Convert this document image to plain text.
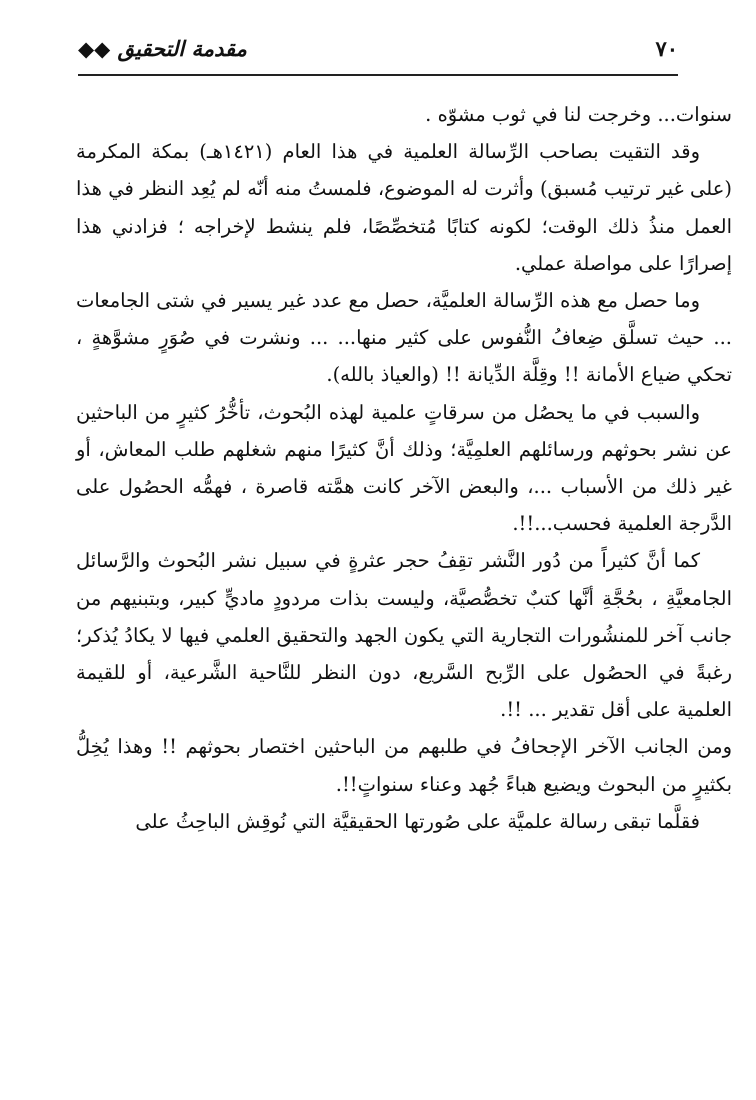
٧٠
مقدمة التحقيق ◆◆

سنوات... وخرجت لنا في ثوب مشوّه .

وقد التقيت بصاحب الرِّسالة العلمية في هذا العام (١٤٢١هـ) بمكة المكرمة (على غير ترتيب مُسبق) وأثرت له الموضوع، فلمستُ منه أنّه لم يُعِد النظر في هذا العمل منذُ ذلك الوقت؛ لكونه كتابًا مُتخصِّصًا، فلم ينشط لإخراجه ؛ فزادني هذا إصرارًا على مواصلة عملي.

وما حصل مع هذه الرِّسالة العلميَّة، حصل مع عدد غير يسير في شتى الجامعات ... حيث تسلَّق ضِعافُ النُّفوس على كثير منها... ... ونشرت في صُوَرٍ مشوَّهةٍ ، تحكي ضياع الأمانة !! وقِلَّة الدِّيانة !! (والعياذ بالله).

والسبب في ما يحصُل من سرقاتٍ علمية لهذه البُحوث، تأخُّرُ كثيرٍ من الباحثين عن نشر بحوثهم ورسائلهم العلمِيَّة؛ وذلك أنَّ كثيرًا منهم شغلهم طلب المعاش، أو غير ذلك من الأسباب ...، والبعض الآخر كانت همَّته قاصرة ، فهمُّه الحصُول على الدَّرجة العلمية فحسب...!!.

كما أنَّ كثيراً من دُور النَّشر تقِفُ حجر عثرةٍ في سبيل نشر البُحوث والرَّسائل الجامعيَّةِ ، بحُجَّةِ أنَّها كتبٌ تخصُّصيَّة، وليست بذات مردودٍ ماديٍّ كبير، وبتبنيهم من جانب آخر للمنشُورات التجارية التي يكون الجهد والتحقيق العلمي فيها لا يكادُ يُذكر؛ رغبةً في الحصُول على الرِّبح السَّريع، دون النظر للنَّاحية الشَّرعية، أو للقيمة العلمية على أقل تقدير ... !!.

ومن الجانب الآخر الإجحافُ في طلبهم من الباحثين اختصار بحوثهم !! وهذا يُخِلُّ بكثيرٍ من البحوث ويضيع هباءً جُهد وعناء سنواتٍ!!.

فقلَّما تبقى رسالة علميَّة على صُورتها الحقيقيَّة التي نُوقِش الباحِثُ على
